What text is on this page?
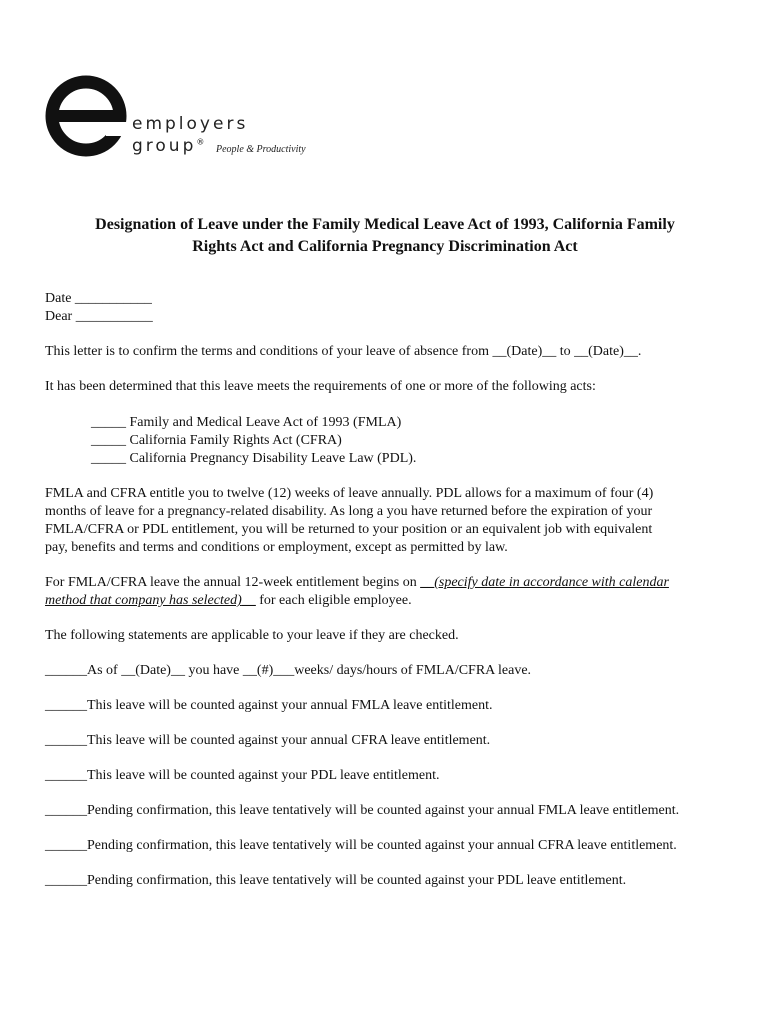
employers
group®
People & Productivity
Designation of Leave under the Family Medical Leave Act of 1993, California Family
Rights Act and California Pregnancy Discrimination Act

Date ___________

Dear ___________

This letter is to confirm the terms and conditions of your leave of absence from __(Date)__ to __(Date)__.

It has been determined that this leave meets the requirements of one or more of the following acts:

_____ Family and Medical Leave Act of 1993 (FMLA)

_____ California Family Rights Act (CFRA)

_____ California Pregnancy Disability Leave Law (PDL).

FMLA and CFRA entitle you to twelve (12) weeks of leave annually. PDL allows for a maximum of four (4)

months of leave for a pregnancy-related disability. As long a you have returned before the expiration of your

FMLA/CFRA or PDL entitlement, you will be returned to your position or an equivalent job with equivalent

pay, benefits and terms and conditions or employment, except as permitted by law.

For FMLA/CFRA leave the annual 12-week entitlement begins on __(specify date in accordance with calendar

method that company has selected)__ for each eligible employee.

The following statements are applicable to your leave if they are checked.

______As of __(Date)__ you have __(#)___weeks/ days/hours of FMLA/CFRA leave.

______This leave will be counted against your annual FMLA leave entitlement.

______This leave will be counted against your annual CFRA leave entitlement.

______This leave will be counted against your PDL leave entitlement.

______Pending confirmation, this leave tentatively will be counted against your annual FMLA leave entitlement.

______Pending confirmation, this leave tentatively will be counted against your annual CFRA leave entitlement.

______Pending confirmation, this leave tentatively will be counted against your PDL leave entitlement.
